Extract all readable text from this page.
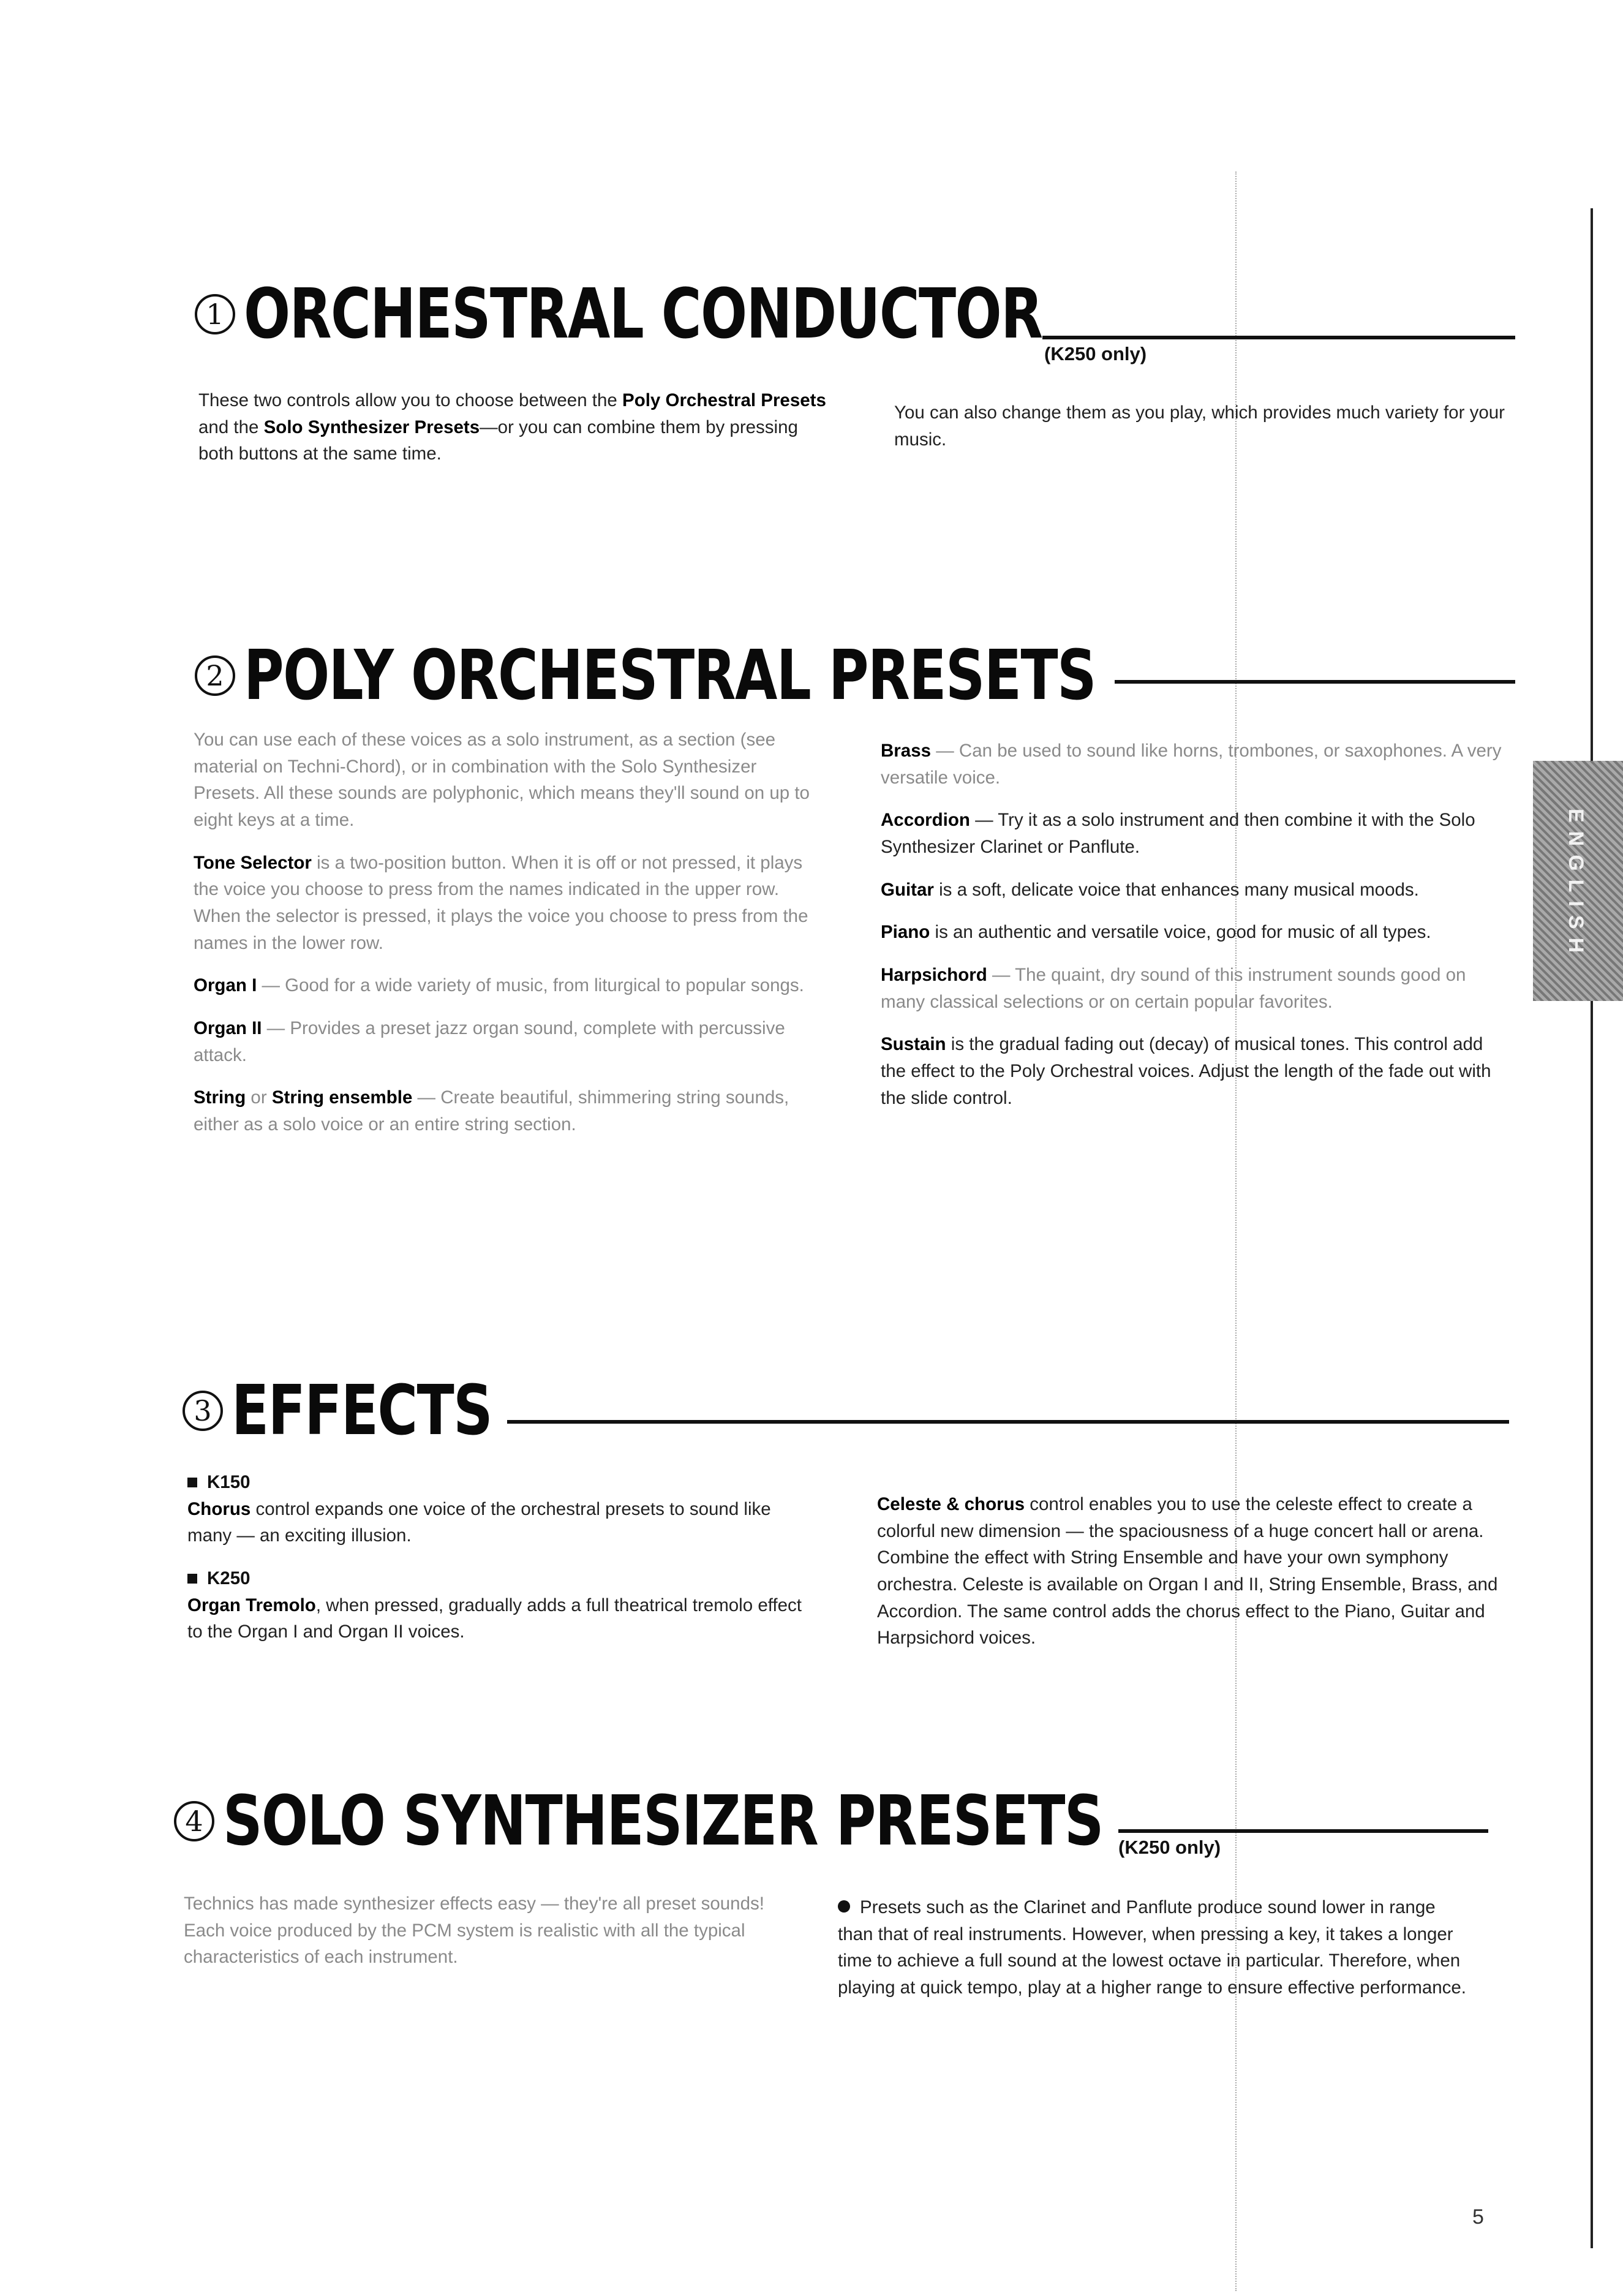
ENGLISH
1 ORCHESTRAL CONDUCTOR (K250 only)

These two controls allow you to choose between the Poly Orchestral Presets and the Solo Synthesizer Presets—or you can combine them by pressing both buttons at the same time.

You can also change them as you play, which provides much variety for your music.

2 POLY ORCHESTRAL PRESETS

You can use each of these voices as a solo instrument, as a section (see material on Techni-Chord), or in combination with the Solo Synthesizer Presets. All these sounds are polyphonic, which means they'll sound on up to eight keys at a time.

Tone Selector is a two-position button. When it is off or not pressed, it plays the voice you choose to press from the names indicated in the upper row. When the selector is pressed, it plays the voice you choose to press from the names in the lower row.

Organ I — Good for a wide variety of music, from liturgical to popular songs.

Organ II — Provides a preset jazz organ sound, complete with percussive attack.

String or String ensemble — Create beautiful, shimmering string sounds, either as a solo voice or an entire string section.

Brass — Can be used to sound like horns, trombones, or saxophones. A very versatile voice.

Accordion — Try it as a solo instrument and then combine it with the Solo Synthesizer Clarinet or Panflute.

Guitar is a soft, delicate voice that enhances many musical moods.

Piano is an authentic and versatile voice, good for music of all types.

Harpsichord — The quaint, dry sound of this instrument sounds good on many classical selections or on certain popular favorites.

Sustain is the gradual fading out (decay) of musical tones. This control add the effect to the Poly Orchestral voices. Adjust the length of the fade out with the slide control.

3 EFFECTS
K150

Chorus control expands one voice of the orchestral presets to sound like many — an exciting illusion.

K250

Organ Tremolo, when pressed, gradually adds a full theatrical tremolo effect to the Organ I and Organ II voices.

Celeste & chorus control enables you to use the celeste effect to create a colorful new dimension — the spaciousness of a huge concert hall or arena. Combine the effect with String Ensemble and have your own symphony orchestra. Celeste is available on Organ I and II, String Ensemble, Brass, and Accordion. The same control adds the chorus effect to the Piano, Guitar and Harpsichord voices.

4 SOLO SYNTHESIZER PRESETS (K250 only)

Technics has made synthesizer effects easy — they're all preset sounds! Each voice produced by the PCM system is realistic with all the typical characteristics of each instrument.

Presets such as the Clarinet and Panflute produce sound lower in range than that of real instruments. However, when pressing a key, it takes a longer time to achieve a full sound at the lowest octave in particular. Therefore, when playing at quick tempo, play at a higher range to ensure effective performance.

5
